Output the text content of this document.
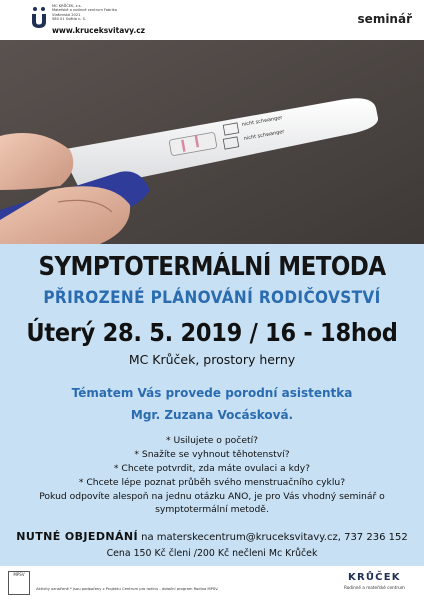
MC KRŮČEK, z.s.
Mateřské a rodinné centrum Fabrika
Vlašimská 2021
580 01 Světlá n. S.
www.kruceksvitavy.cz
seminář
nicht schwanger
nicht schwanger
SYMPTOTERMÁLNÍ METODA
PŘIROZENÉ PLÁNOVÁNÍ RODIČOVSTVÍ
Úterý 28. 5. 2019 / 16 - 18hod
MC Krůček, prostory herny
Tématem Vás provede porodní asistentka
Mgr. Zuzana Vocásková.
* Usilujete o početí?
* Snažíte se vyhnout těhotenství?
* Chcete potvrdit, zda máte ovulaci a kdy?
* Chcete lépe poznat průběh svého menstruačního cyklu?
Pokud odpovíte alespoň na jednu otázku ANO, je pro Vás vhodný seminář o symptotermální metodě.
NUTNÉ OBJEDNÁNÍ na materskecentrum@kruceksvitavy.cz, 737 236 152
Cena 150 Kč členi /200 Kč nečleni Mc Krůček
MPSV
Aktivity označené * jsou podpořeny z Projektu Centrum pro rodinu - dotační program Rodina MPSV.
KRŮČEK
Rodinné a mateřské centrum
